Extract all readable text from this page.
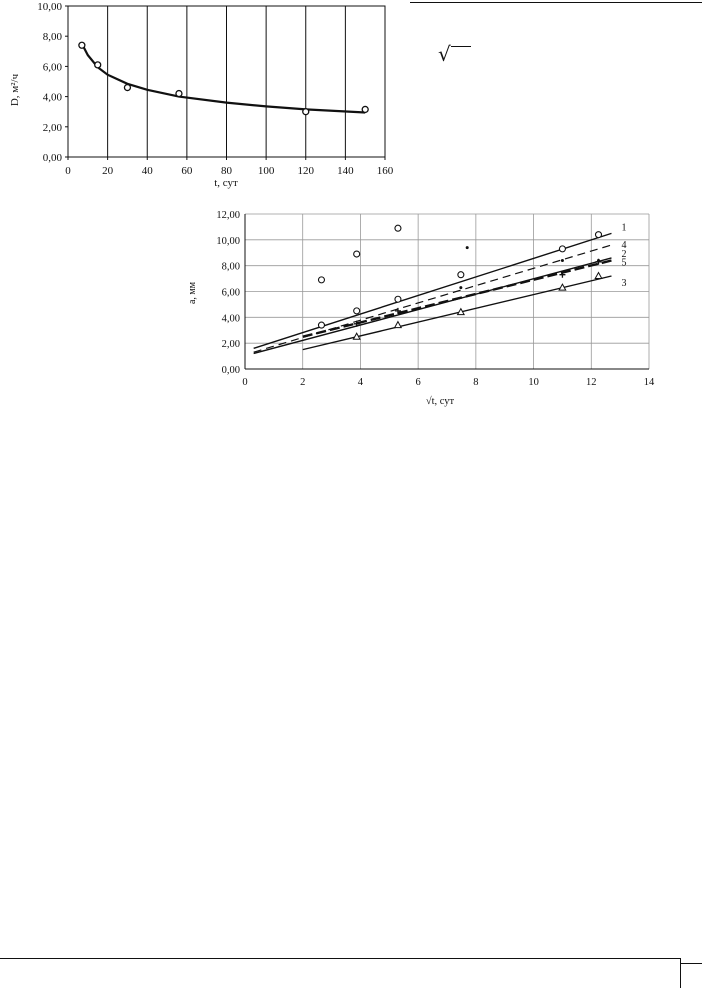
0	20	40	60	80 100 120 140 160
0,00
2,00
4,00
6,00
8,00
10,00
D, м²/ч
t, сут
√
0	2	4	6	8	10	12	14
0,00
2,00
4,00
6,00
8,00
10,00
12,00
1
4
2
5
3
a, мм
√t, сут
